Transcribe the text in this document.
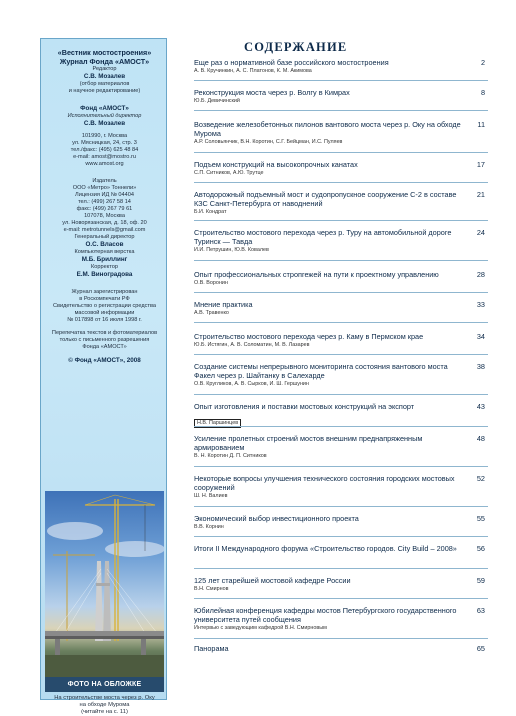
«Вестник мостостроения»
Журнал Фонда «АМОСТ»
Редактор
С.В. Мозалев
(отбор материалов
и научное редактирование)
Фонд «АМОСТ»
Исполнительный директор
С.В. Мозалев
101990, г. Москва
ул. Мясницкая, 24, стр. 3
тел./факс: (495) 625 48 84
e-mail: amost@mostro.ru
www.amost.org
Издатель
ООО «Метро» Тоннели»
Лицензия ИД № 04404
тел.: (499) 267 58 14
факс: (499) 267 79 61
107078, Москва
ул. Новорязанская, д. 18, оф. 20
e-mail: metrotunnels@gmail.com
Генеральный директор
О.С. Власов
Компьютерная верстка
М.Б. Бриллинг
Корректор
Е.М. Виноградова
Журнал зарегистрирован
в Роскомпечати РФ
Свидетельство о регистрации средства
массовой информации
№ 017898 от 16 июля 1998 г.
Перепечатка текстов и фотоматериалов
только с письменного разрешения
Фонда «АМОСТ»
© Фонд «АМОСТ», 2008
ФОТО НА ОБЛОЖКЕ
На строительстве моста через р. Оку
на обходе Мурома
(читайте на с. 11)
СОДЕРЖАНИЕ
Еще раз о нормативной базе российского мостостроения
А. В. Кручинкин, А. С. Платонов, К. М. Акимова
2
Реконструкция моста через р. Волгу в Кимрах
Ю.Б. Девичинский
8
Возведение железобетонных пилонов вантового моста через р. Оку на обходе Мурома
А.Р. Соловьянчик, В.Н. Коротин, С.Г. Бейцман, И.С. Пуляев
11
Подъем конструкций на высокопрочных канатах
С.П. Ситников, А.Ю. Трутце
17
Автодорожный подъемный мост и судопропускное сооружение С-2 в составе КЗС Санкт-Петербурга от наводнений
Б.И. Кондрат
21
Строительство мостового перехода через р. Туру на автомобильной дороге Туринск — Тавда
И.И. Петрушин, Ю.В. Ковалев
24
Опыт профессиональных стропгежей на пути к проектному управлению
О.В. Воронин
28
Мнение практика
А.В. Травенко
33
Строительство мостового перехода через р. Каму в Пермском крае
Ю.Б. Истягин, А. В. Соломатин, М. В. Лазарев
34
Создание системы непрерывного мониторинга состояния вантового моста Факел через р. Шайтанку в Салехарде
О.В. Кругликов, А. В. Сырков, И. Ш. Гершунин
38
Опыт изготовления и поставки мостовых конструкций на экспорт
Н.В. Паршинцев
43
Усиление пролетных строений мостов внешним преднапряженным армированием
В. Н. Коротин Д. П. Ситников
48
Некоторые вопросы улучшения технического состояния городских мостовых сооружений
Ш. Н. Валиев
52
Экономический выбор инвестиционного проекта
В.В. Корнин
55
Итоги II Международного форума «Строительство городов. City Build – 2008»	56
125 лет старейшей мостовой кафедре России
В.Н. Смирнов
59
Юбилейная конференция кафедры мостов Петербургского государственного университета путей сообщения
Интервью с заведующим кафедрой В.Н. Смирновым
63
Панорама	65
